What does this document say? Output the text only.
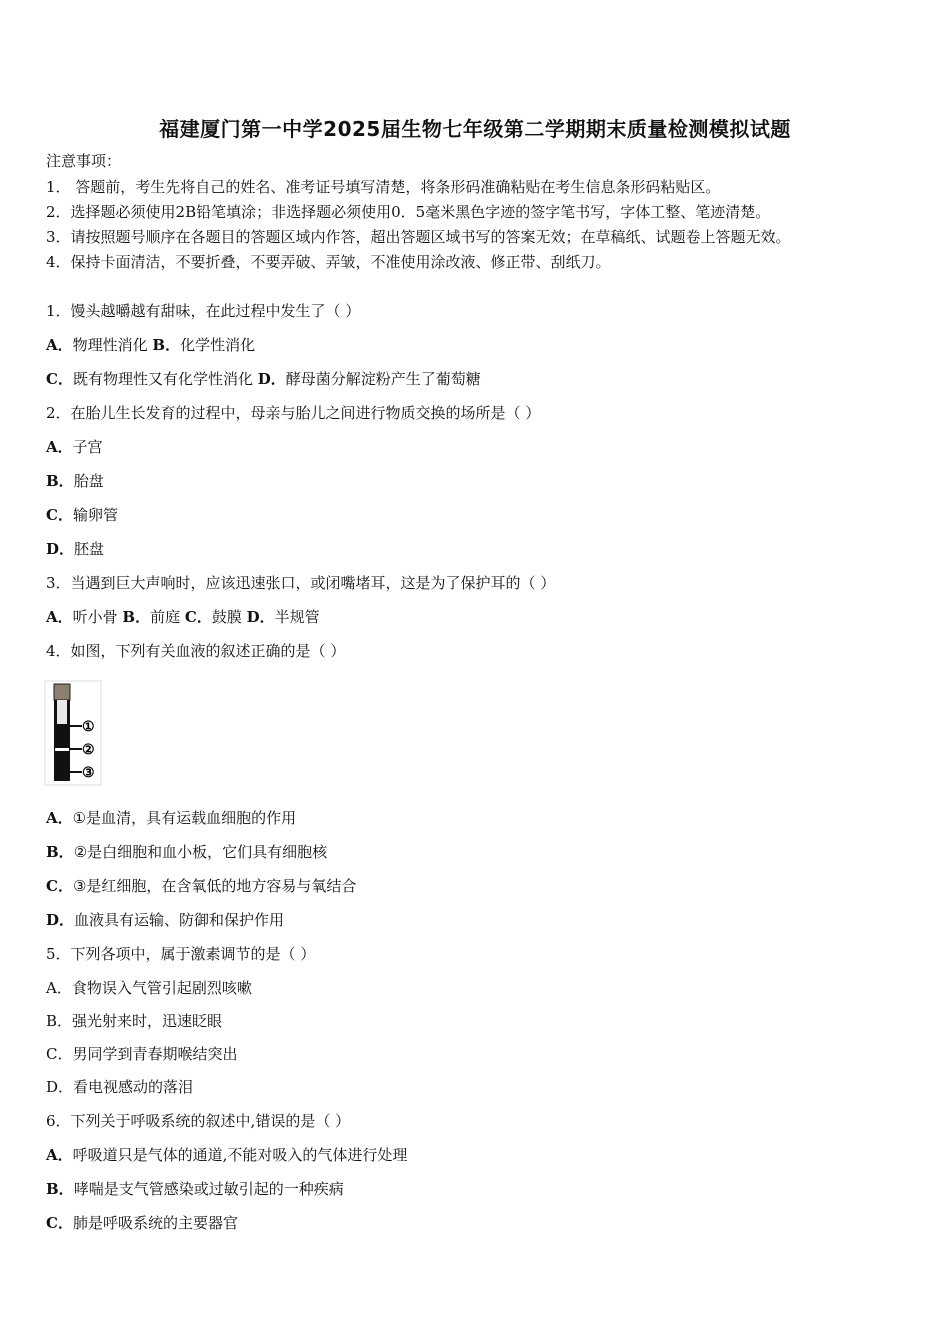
福建厦门第一中学2025届生物七年级第二学期期末质量检测模拟试题
注意事项：
1． 答题前，考生先将自己的姓名、准考证号填写清楚，将条形码准确粘贴在考生信息条形码粘贴区。
2．选择题必须使用2B铅笔填涂；非选择题必须使用0．5毫米黑色字迹的签字笔书写，字体工整、笔迹清楚。
3．请按照题号顺序在各题目的答题区域内作答，超出答题区域书写的答案无效；在草稿纸、试题卷上答题无效。
4．保持卡面清洁，不要折叠，不要弄破、弄皱，不准使用涂改液、修正带、刮纸刀。
1．馒头越嚼越有甜味，在此过程中发生了（ ）
A．物理性消化 B．化学性消化
C．既有物理性又有化学性消化 D．酵母菌分解淀粉产生了葡萄糖
2．在胎儿生长发育的过程中，母亲与胎儿之间进行物质交换的场所是（ ）
A．子宫
B．胎盘
C．输卵管
D．胚盘
3．当遇到巨大声响时，应该迅速张口，或闭嘴堵耳，这是为了保护耳的（ ）
A．听小骨 B．前庭 C．鼓膜 D．半规管
4．如图，下列有关血液的叙述正确的是（ ）
①
②
③
A．①是血清，具有运载血细胞的作用
B．②是白细胞和血小板，它们具有细胞核
C．③是红细胞，在含氧低的地方容易与氧结合
D．血液具有运输、防御和保护作用
5．下列各项中，属于激素调节的是（ ）
A．食物误入气管引起剧烈咳嗽
B．强光射来时，迅速眨眼
C．男同学到青春期喉结突出
D．看电视感动的落泪
6．下列关于呼吸系统的叙述中,错误的是（ ）
A．呼吸道只是气体的通道,不能对吸入的气体进行处理
B．哮喘是支气管感染或过敏引起的一种疾病
C．肺是呼吸系统的主要器官
